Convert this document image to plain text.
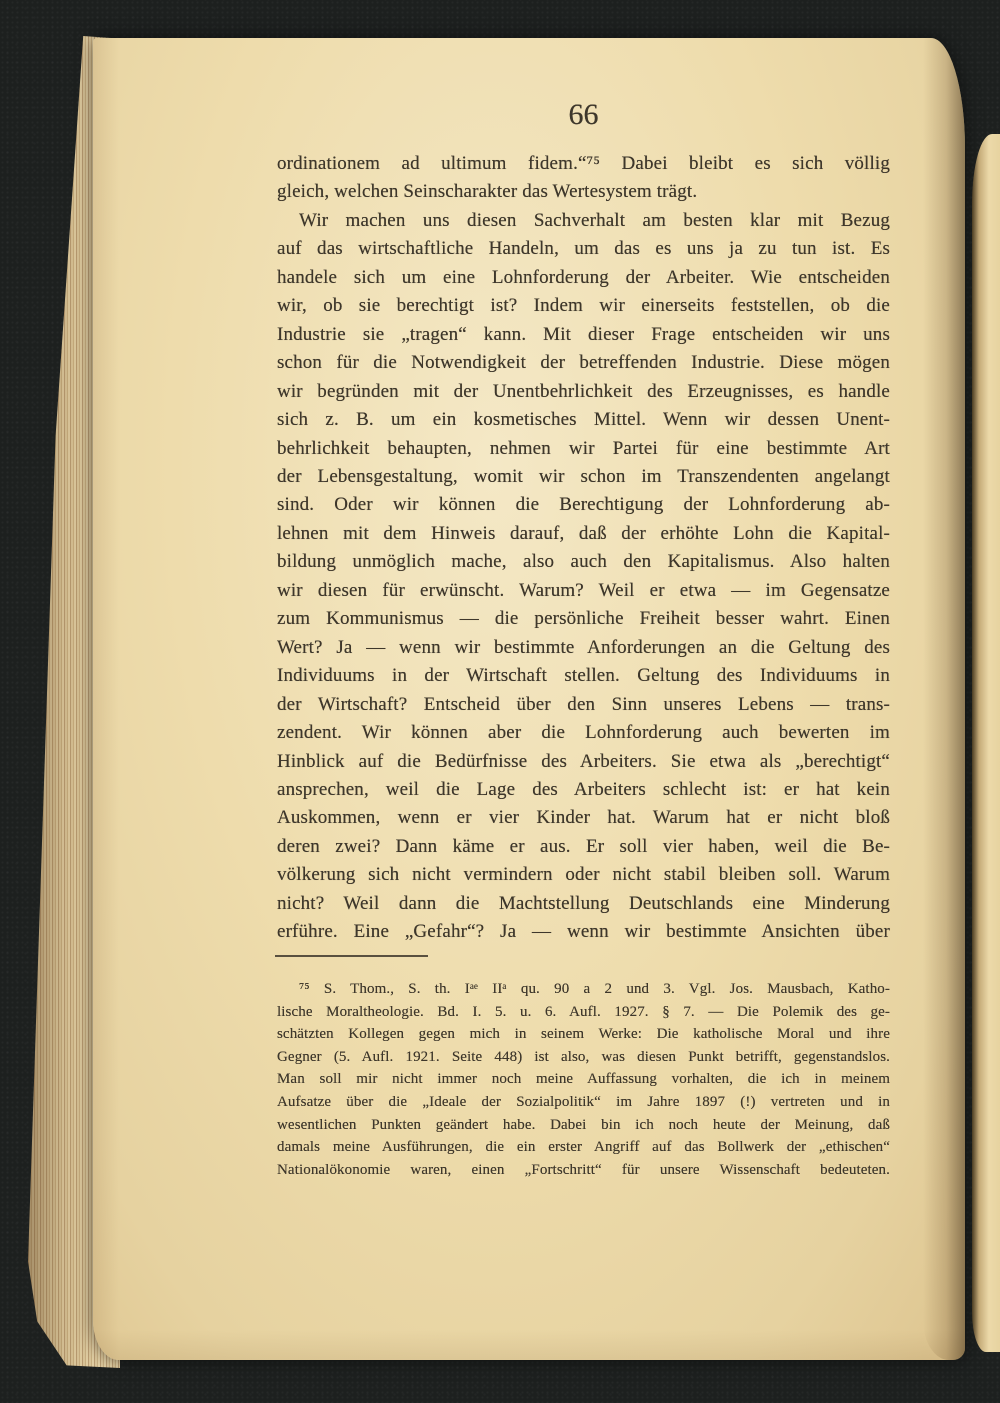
66
ordinationem ad ultimum fidem.“⁷⁵ Dabei bleibt es sich völlig
gleich, welchen Seinscharakter das Wertesystem trägt.
Wir machen uns diesen Sachverhalt am besten klar mit Bezug
auf das wirtschaftliche Handeln, um das es uns ja zu tun ist. Es
handele sich um eine Lohnforderung der Arbeiter. Wie entscheiden
wir, ob sie berechtigt ist? Indem wir einerseits feststellen, ob die
Industrie sie „tragen“ kann. Mit dieser Frage entscheiden wir uns
schon für die Notwendigkeit der betreffenden Industrie. Diese mögen
wir begründen mit der Unentbehrlichkeit des Erzeugnisses, es handle
sich z. B. um ein kosmetisches Mittel. Wenn wir dessen Unent-
behrlichkeit behaupten, nehmen wir Partei für eine bestimmte Art
der Lebensgestaltung, womit wir schon im Transzendenten angelangt
sind. Oder wir können die Berechtigung der Lohnforderung ab-
lehnen mit dem Hinweis darauf, daß der erhöhte Lohn die Kapital-
bildung unmöglich mache, also auch den Kapitalismus. Also halten
wir diesen für erwünscht. Warum? Weil er etwa — im Gegensatze
zum Kommunismus — die persönliche Freiheit besser wahrt. Einen
Wert? Ja — wenn wir bestimmte Anforderungen an die Geltung des
Individuums in der Wirtschaft stellen. Geltung des Individuums in
der Wirtschaft? Entscheid über den Sinn unseres Lebens — trans-
zendent. Wir können aber die Lohnforderung auch bewerten im
Hinblick auf die Bedürfnisse des Arbeiters. Sie etwa als „berechtigt“
ansprechen, weil die Lage des Arbeiters schlecht ist: er hat kein
Auskommen, wenn er vier Kinder hat. Warum hat er nicht bloß
deren zwei? Dann käme er aus. Er soll vier haben, weil die Be-
völkerung sich nicht vermindern oder nicht stabil bleiben soll. Warum
nicht? Weil dann die Machtstellung Deutschlands eine Minderung
erführe. Eine „Gefahr“? Ja — wenn wir bestimmte Ansichten über
⁷⁵ S. Thom., S. th. Iᵃᵉ IIᵃ qu. 90 a 2 und 3. Vgl. Jos. Mausbach, Katho-
lische Moraltheologie. Bd. I. 5. u. 6. Aufl. 1927. § 7. — Die Polemik des ge-
schätzten Kollegen gegen mich in seinem Werke: Die katholische Moral und ihre
Gegner (5. Aufl. 1921. Seite 448) ist also, was diesen Punkt betrifft, gegenstandslos.
Man soll mir nicht immer noch meine Auffassung vorhalten, die ich in meinem
Aufsatze über die „Ideale der Sozialpolitik“ im Jahre 1897 (!) vertreten und in
wesentlichen Punkten geändert habe. Dabei bin ich noch heute der Meinung, daß
damals meine Ausführungen, die ein erster Angriff auf das Bollwerk der „ethischen“
Nationalökonomie waren, einen „Fortschritt“ für unsere Wissenschaft bedeuteten.
